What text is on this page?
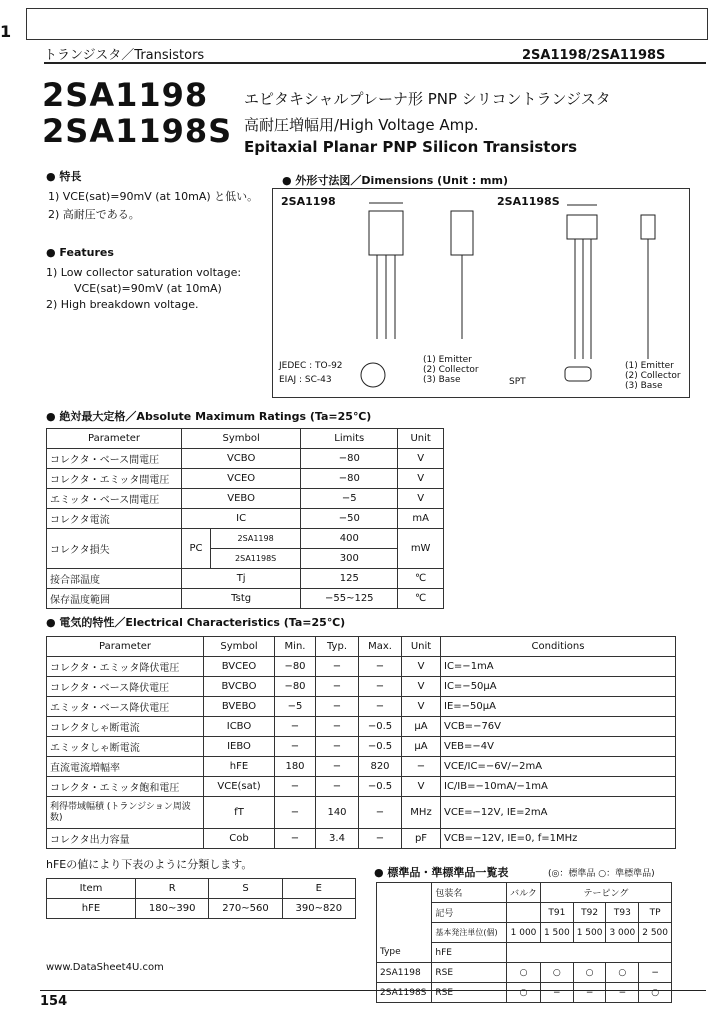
1
トランジスタ／Transistors	2SA1198/2SA1198S
2SA1198
2SA1198S
エピタキシャルプレーナ形 PNP シリコントランジスタ
高耐圧増幅用/High Voltage Amp.
Epitaxial Planar PNP Silicon Transistors
● 特長
1) VCE(sat)=90mV (at 10mA) と低い。
2) 高耐圧である。
● Features
1) Low collector saturation voltage:
VCE(sat)=90mV (at 10mA)
2) High breakdown voltage.
● 外形寸法図／Dimensions (Unit : mm)
2SA1198	2SA1198S
JEDEC : TO-92
EIAJ : SC-43
(1) Emitter
(2) Collector
(3) Base	SPT
(1) Emitter
(2) Collector
(3) Base
● 絶対最大定格／Absolute Maximum Ratings (Ta=25℃)
Parameter	Symbol		Limits	Unit
コレクタ・ベース間電圧	VCBO		−80	V
コレクタ・エミッタ間電圧	VCEO		−80	V
エミッタ・ベース間電圧	VEBO		−5	V
コレクタ電流	IC		−50	mA
コレクタ損失	PC	2SA1198	400	mW
		2SA1198S	300	
接合部温度	Tj		125	℃
保存温度範囲	Tstg		−55~125	℃
● 電気的特性／Electrical Characteristics (Ta=25℃)
Parameter	Symbol	Min.	Typ.	Max.	Unit	Conditions
コレクタ・エミッタ降伏電圧	BVCEO	−80	−	−	V	IC=−1mA
コレクタ・ベース降伏電圧	BVCBO	−80	−	−	V	IC=−50μA
エミッタ・ベース降伏電圧	BVEBO	−5	−	−	V	IE=−50μA
コレクタしゃ断電流	ICBO	−	−	−0.5	μA	VCB=−76V
エミッタしゃ断電流	IEBO	−	−	−0.5	μA	VEB=−4V
直流電流増幅率	hFE	180	−	820	−	VCE/IC=−6V/−2mA
コレクタ・エミッタ飽和電圧	VCE(sat)	−	−	−0.5	V	IC/IB=−10mA/−1mA
利得帯域幅積 (トランジション周波数)	fT	−	140	−	MHz	VCE=−12V, IE=2mA
コレクタ出力容量	Cob	−	3.4	−	pF	VCB=−12V, IE=0, f=1MHz
hFEの値により下表のように分類します。
Item	R	S	E
hFE	180~390	270~560	390~820
● 標準品・準標準品一覧表	(◎：標準品 ○：準標準品)
	包装名	バルク	テーピング			
	記号		T91	T92	T93	TP
	基本発注単位(個)	1 000	1 500	1 500	3 000	2 500
Type	hFE					
2SA1198	RSE	○	○	○	○	−
2SA1198S	RSE	○	−	−	−	○
www.DataSheet4U.com
154
